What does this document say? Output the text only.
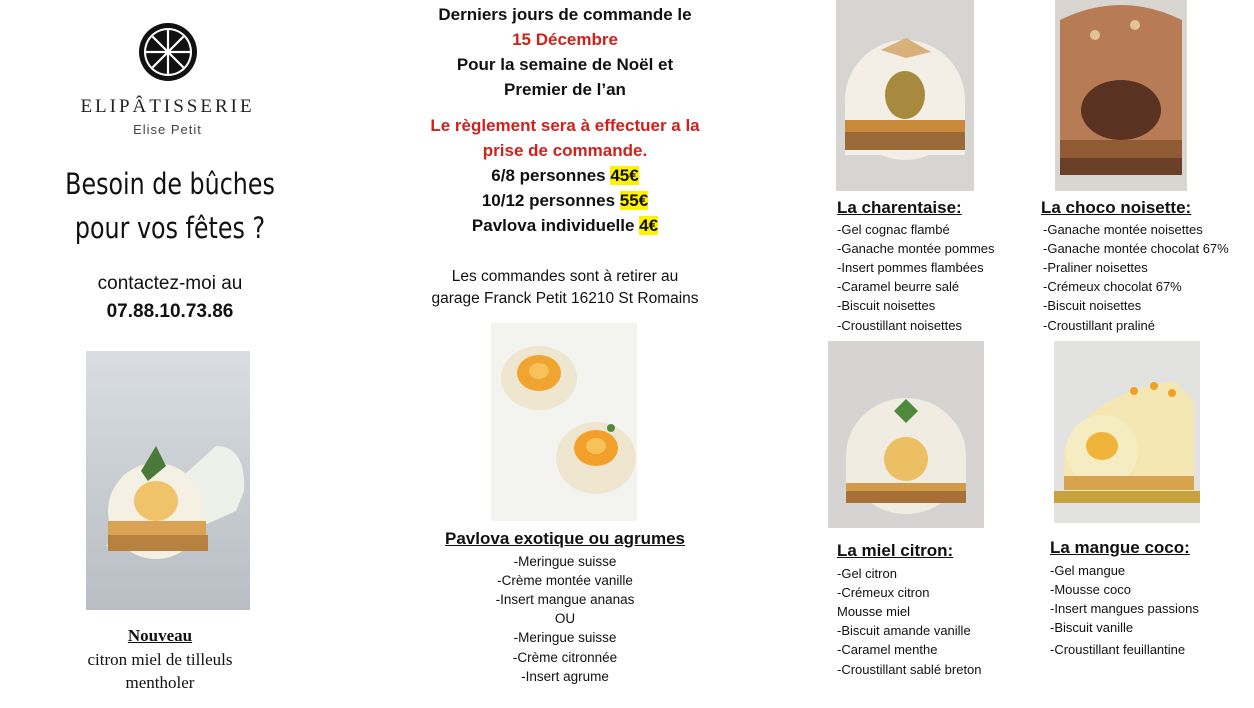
ELIPÂTISSERIE
Elise Petit
Besoin de bûches
pour vos fêtes ?
contactez-moi au
07.88.10.73.86
Nouveau
citron miel de tilleuls
mentholer
Derniers jours de commande le
15 Décembre
Pour la semaine de Noël et
Premier de l’an
Le règlement sera à effectuer a la
prise de commande.
6/8 personnes 45€
10/12 personnes 55€
Pavlova individuelle 4€
Les commandes sont à retirer au
garage Franck Petit 16210 St Romains
Pavlova exotique ou agrumes
-Meringue suisse
-Crème montée vanille
-Insert mangue ananas
OU
-Meringue suisse
-Crème citronnée
-Insert agrume
La charentaise:
-Gel cognac flambé
-Ganache montée pommes
-Insert pommes flambées
-Caramel beurre salé
-Biscuit noisettes
-Croustillant noisettes
La choco noisette:
-Ganache montée noisettes
-Ganache montée chocolat 67%
-Praliner noisettes
-Crémeux chocolat 67%
-Biscuit noisettes
-Croustillant praliné
La miel citron:
-Gel citron
-Crémeux citron
Mousse miel
-Biscuit amande vanille
-Caramel menthe
-Croustillant sablé breton
La mangue coco:
-Gel mangue
-Mousse coco
-Insert mangues passions
-Biscuit vanille
-Croustillant feuillantine
